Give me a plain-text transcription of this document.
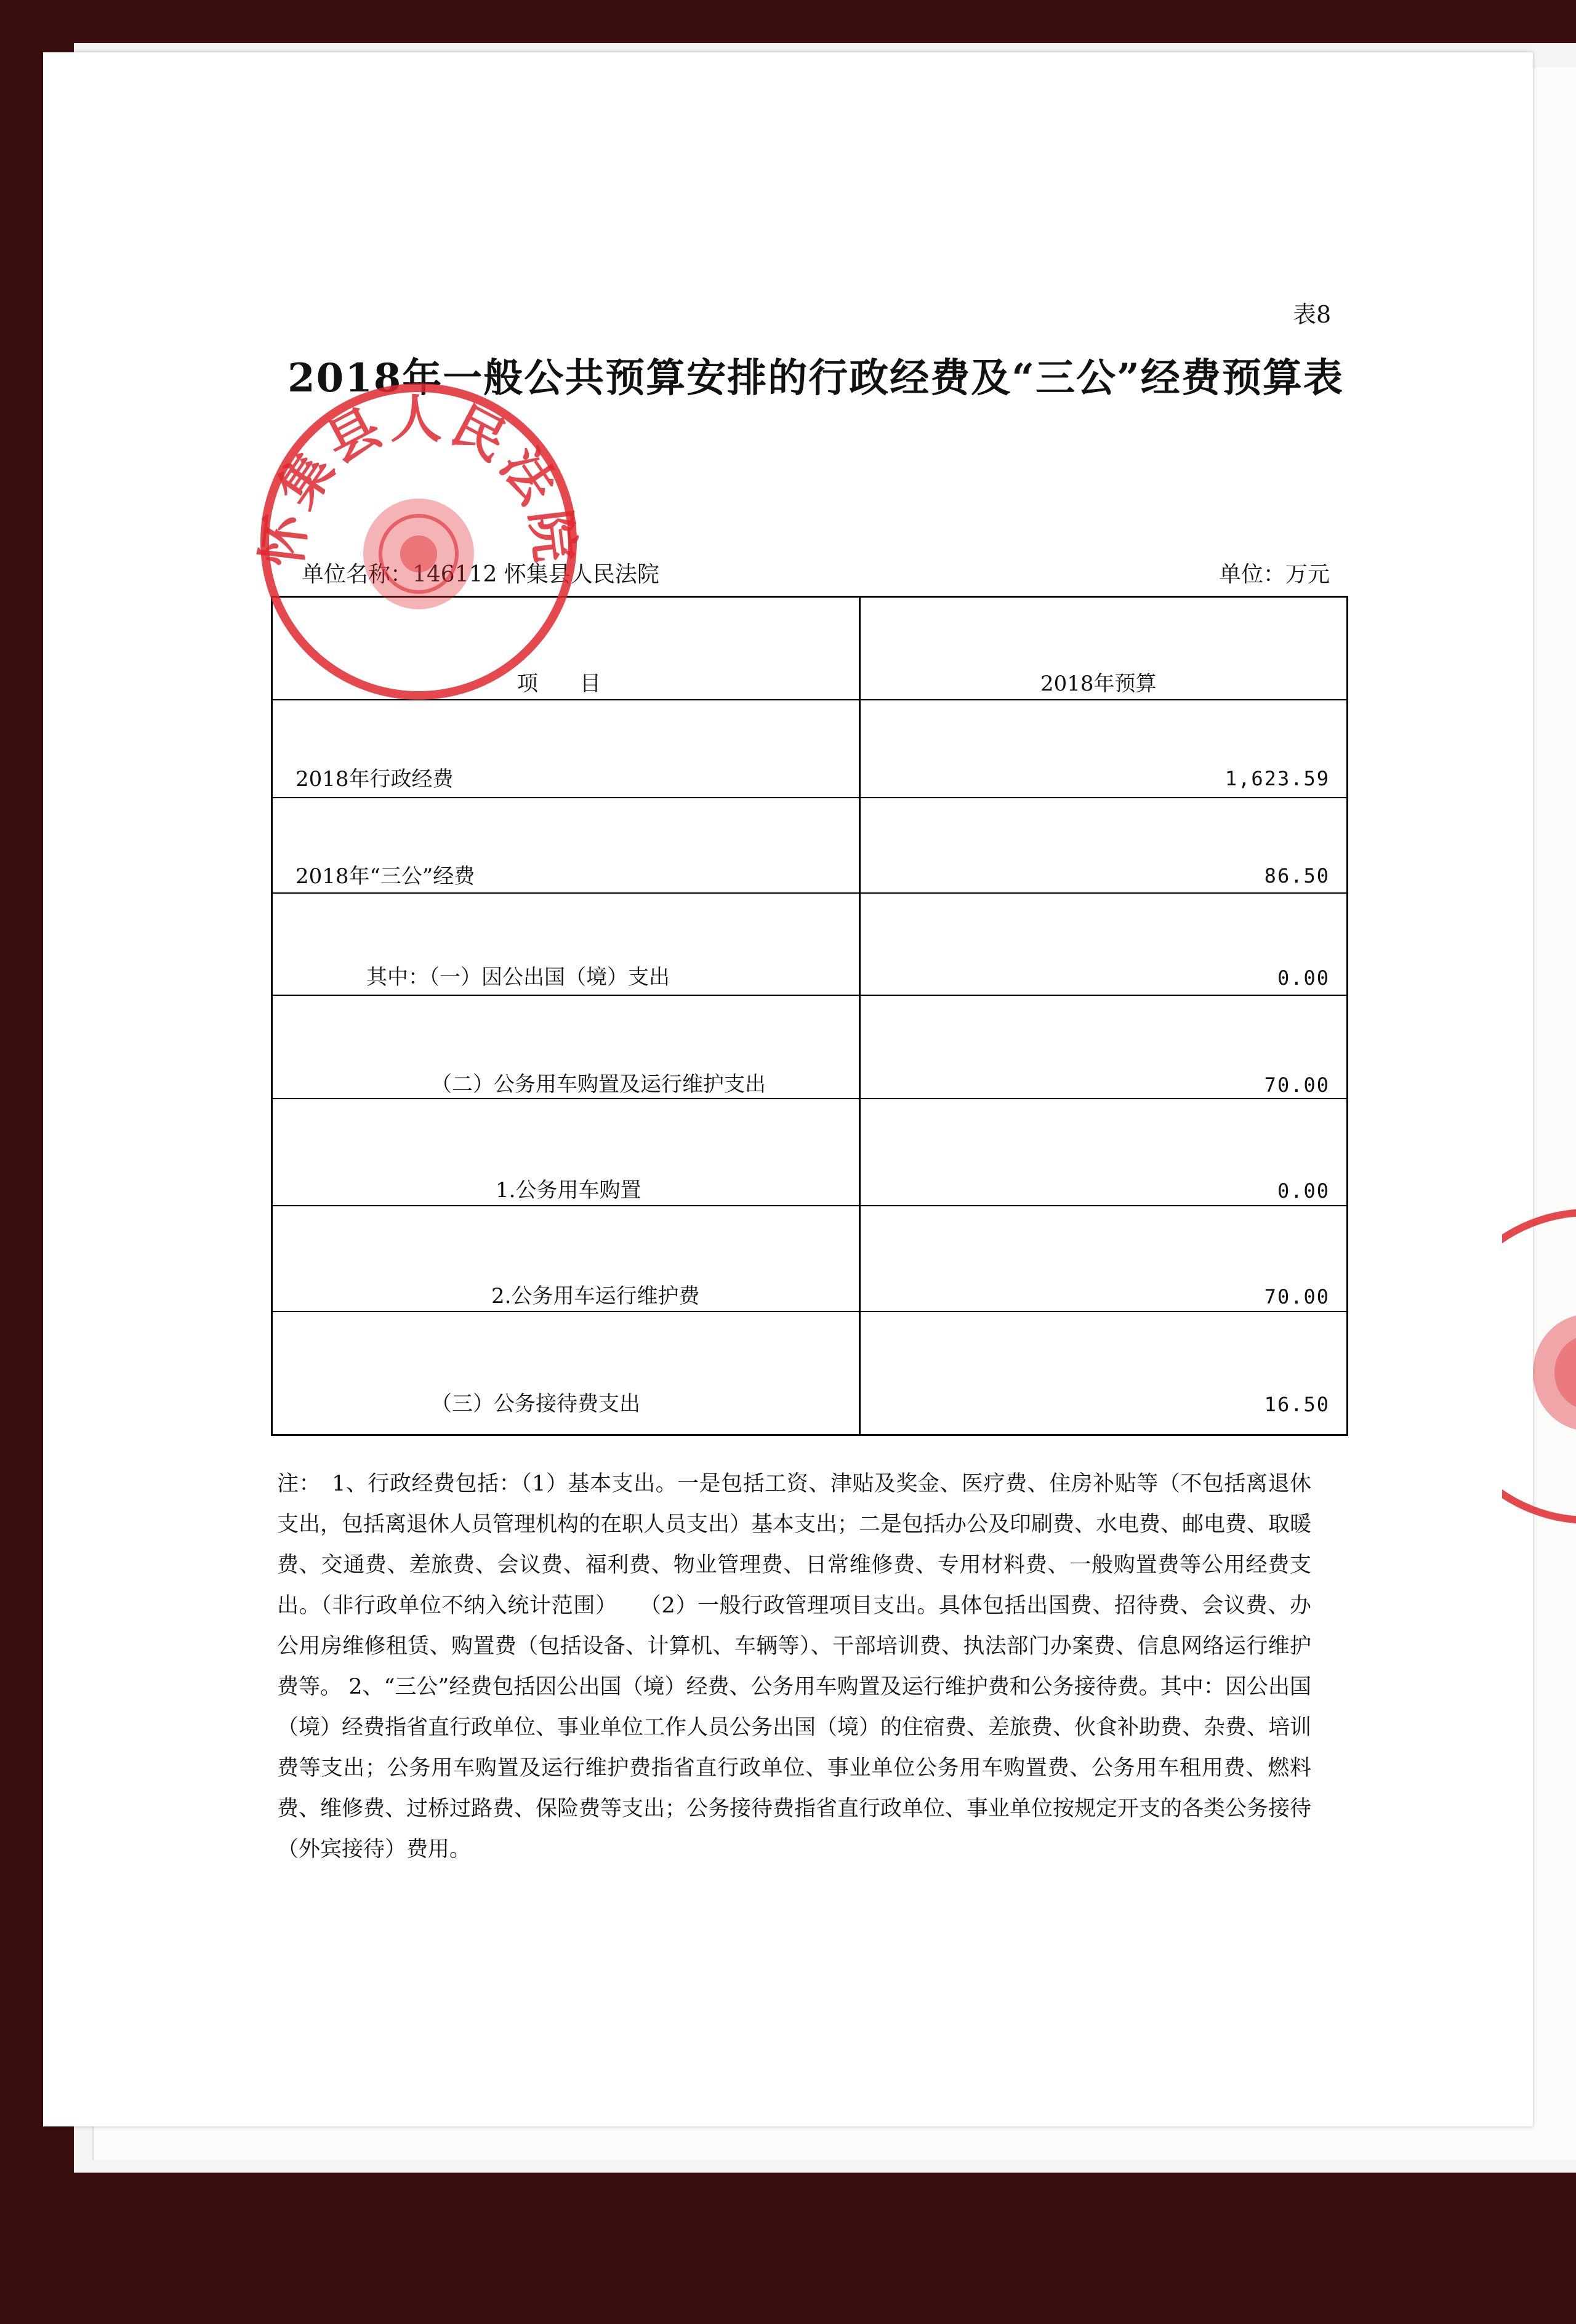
表8
2018年一般公共预算安排的行政经费及“三公”经费预算表
单位名称：146112 怀集县人民法院	单位：万元
项　　目	2018年预算
2018年行政经费	1,623.59
2018年“三公”经费	86.50
其中：（一）因公出国（境）支出	0.00
（二）公务用车购置及运行维护支出	70.00
1.公务用车购置	0.00
2.公务用车运行维护费	70.00
（三）公务接待费支出	16.50
注：　1、行政经费包括：（1）基本支出。一是包括工资、津贴及奖金、医疗费、住房补贴等（不包括离退休支出，包括离退休人员管理机构的在职人员支出）基本支出；二是包括办公及印刷费、水电费、邮电费、取暖费、交通费、差旅费、会议费、福利费、物业管理费、日常维修费、专用材料费、一般购置费等公用经费支出。（非行政单位不纳入统计范围）　　（2）一般行政管理项目支出。具体包括出国费、招待费、会议费、办公用房维修租赁、购置费（包括设备、计算机、车辆等）、干部培训费、执法部门办案费、信息网络运行维护费等。 2、“三公”经费包括因公出国（境）经费、公务用车购置及运行维护费和公务接待费。其中：因公出国（境）经费指省直行政单位、事业单位工作人员公务出国（境）的住宿费、差旅费、伙食补助费、杂费、培训费等支出；公务用车购置及运行维护费指省直行政单位、事业单位公务用车购置费、公务用车租用费、燃料费、维修费、过桥过路费、保险费等支出；公务接待费指省直行政单位、事业单位按规定开支的各类公务接待（外宾接待）费用。
怀集县人民法院
